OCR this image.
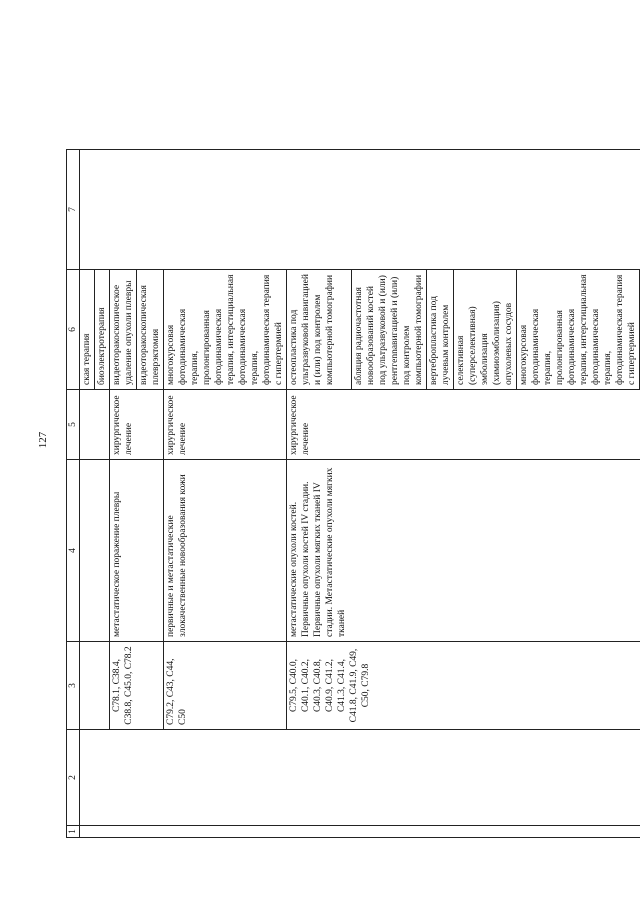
127
1	2	3	4	5	6	7				
					ская терапия					
					биоэлектротерапия					
		C78.1, C38.4, C38.8, C45.0, C78.2	метастатическое поражение плевры	хирургическое лечение	видеоторакоскопическое удаление опухоли плевры					
					видеоторакоскопическая плеврэктомия					
		C79.2, C43, C44, C50	первичные и метастатические злокачественные новообразования кожи	хирургическое лечение	многокурсовая фотодинамическая терапия, пролонгированная фотодинамическая терапия, интерстициальная фотодинамическая терапия, фотодинамическая терапия с гипертермией					
		C79.5, C40.0, C40.1, C40.2, C40.3, C40.8, C40.9, C41.2, C41.3, C41.4, C41.8, C41.9, C49, C50, C79.8	метастатические опухоли костей. Первичные опухоли костей IV стадии. Первичные опухоли мягких тканей IV стадии. Метастатические опухоли мягких тканей	хирургическое лечение	остеопластика под ультразвуковой навигацией и (или) под контролем компьютерной томографии					
					абляция радиочастотная новообразований костей под ультразвуковой и (или) рентгennавигацией и (или) под контролем компьютерной томографии					
					вертебропластика под лучевым контролем					
					селективная (суперселективная) эмболизация (химиоэмболизация) опухолевых сосудов					
					многокурсовая фотодинамическая терапия, пролонгированная фотодинамическая терапия, интерстициальная фотодинамическая терапия, фотодинамическая терапия с гипертермией					
